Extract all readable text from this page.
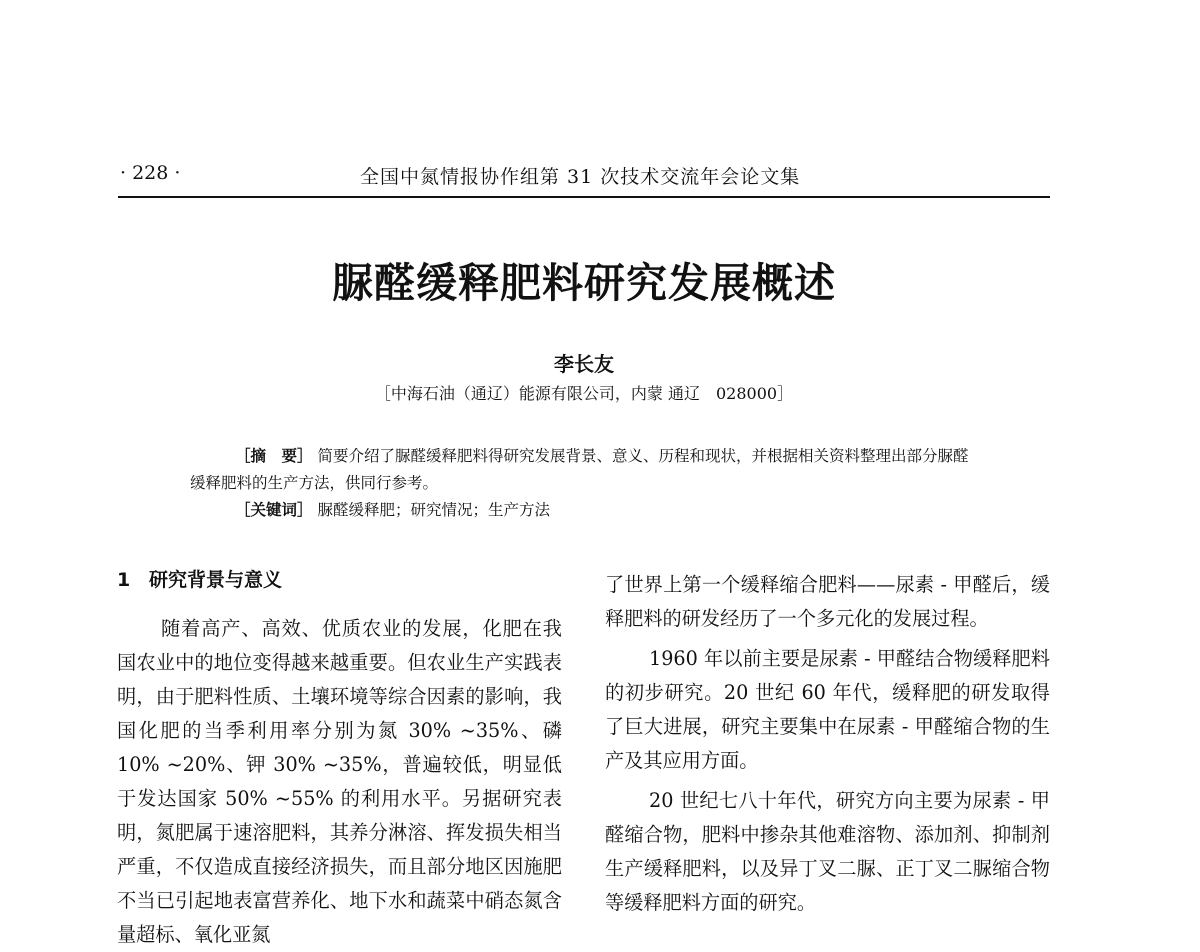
· 228 ·	全国中氮情报协作组第 31 次技术交流年会论文集
脲醛缓释肥料研究发展概述
李长友
［中海石油（通辽）能源有限公司，内蒙 通辽　028000］

［摘　要］ 简要介绍了脲醛缓释肥料得研究发展背景、意义、历程和现状，并根据相关资料整理出部分脲醛缓释肥料的生产方法，供同行参考。

［关键词］ 脲醛缓释肥；研究情况；生产方法

1 研究背景与意义

随着高产、高效、优质农业的发展，化肥在我国农业中的地位变得越来越重要。但农业生产实践表明，由于肥料性质、土壤环境等综合因素的影响，我国化肥的当季利用率分别为氮 30% ~35%、磷 10% ~20%、钾 30% ~35%，普遍较低，明显低于发达国家 50% ~55% 的利用水平。另据研究表明，氮肥属于速溶肥料，其养分淋溶、挥发损失相当严重，不仅造成直接经济损失，而且部分地区因施肥不当已引起地表富营养化、地下水和蔬菜中硝态氮含量超标、氧化亚氮

了世界上第一个缓释缩合肥料——尿素 - 甲醛后，缓释肥料的研发经历了一个多元化的发展过程。

1960 年以前主要是尿素 - 甲醛结合物缓释肥料的初步研究。20 世纪 60 年代，缓释肥的研发取得了巨大进展，研究主要集中在尿素 - 甲醛缩合物的生产及其应用方面。

20 世纪七八十年代，研究方向主要为尿素 - 甲醛缩合物，肥料中掺杂其他难溶物、添加剂、抑制剂生产缓释肥料，以及异丁叉二脲、正丁叉二脲缩合物等缓释肥料方面的研究。
